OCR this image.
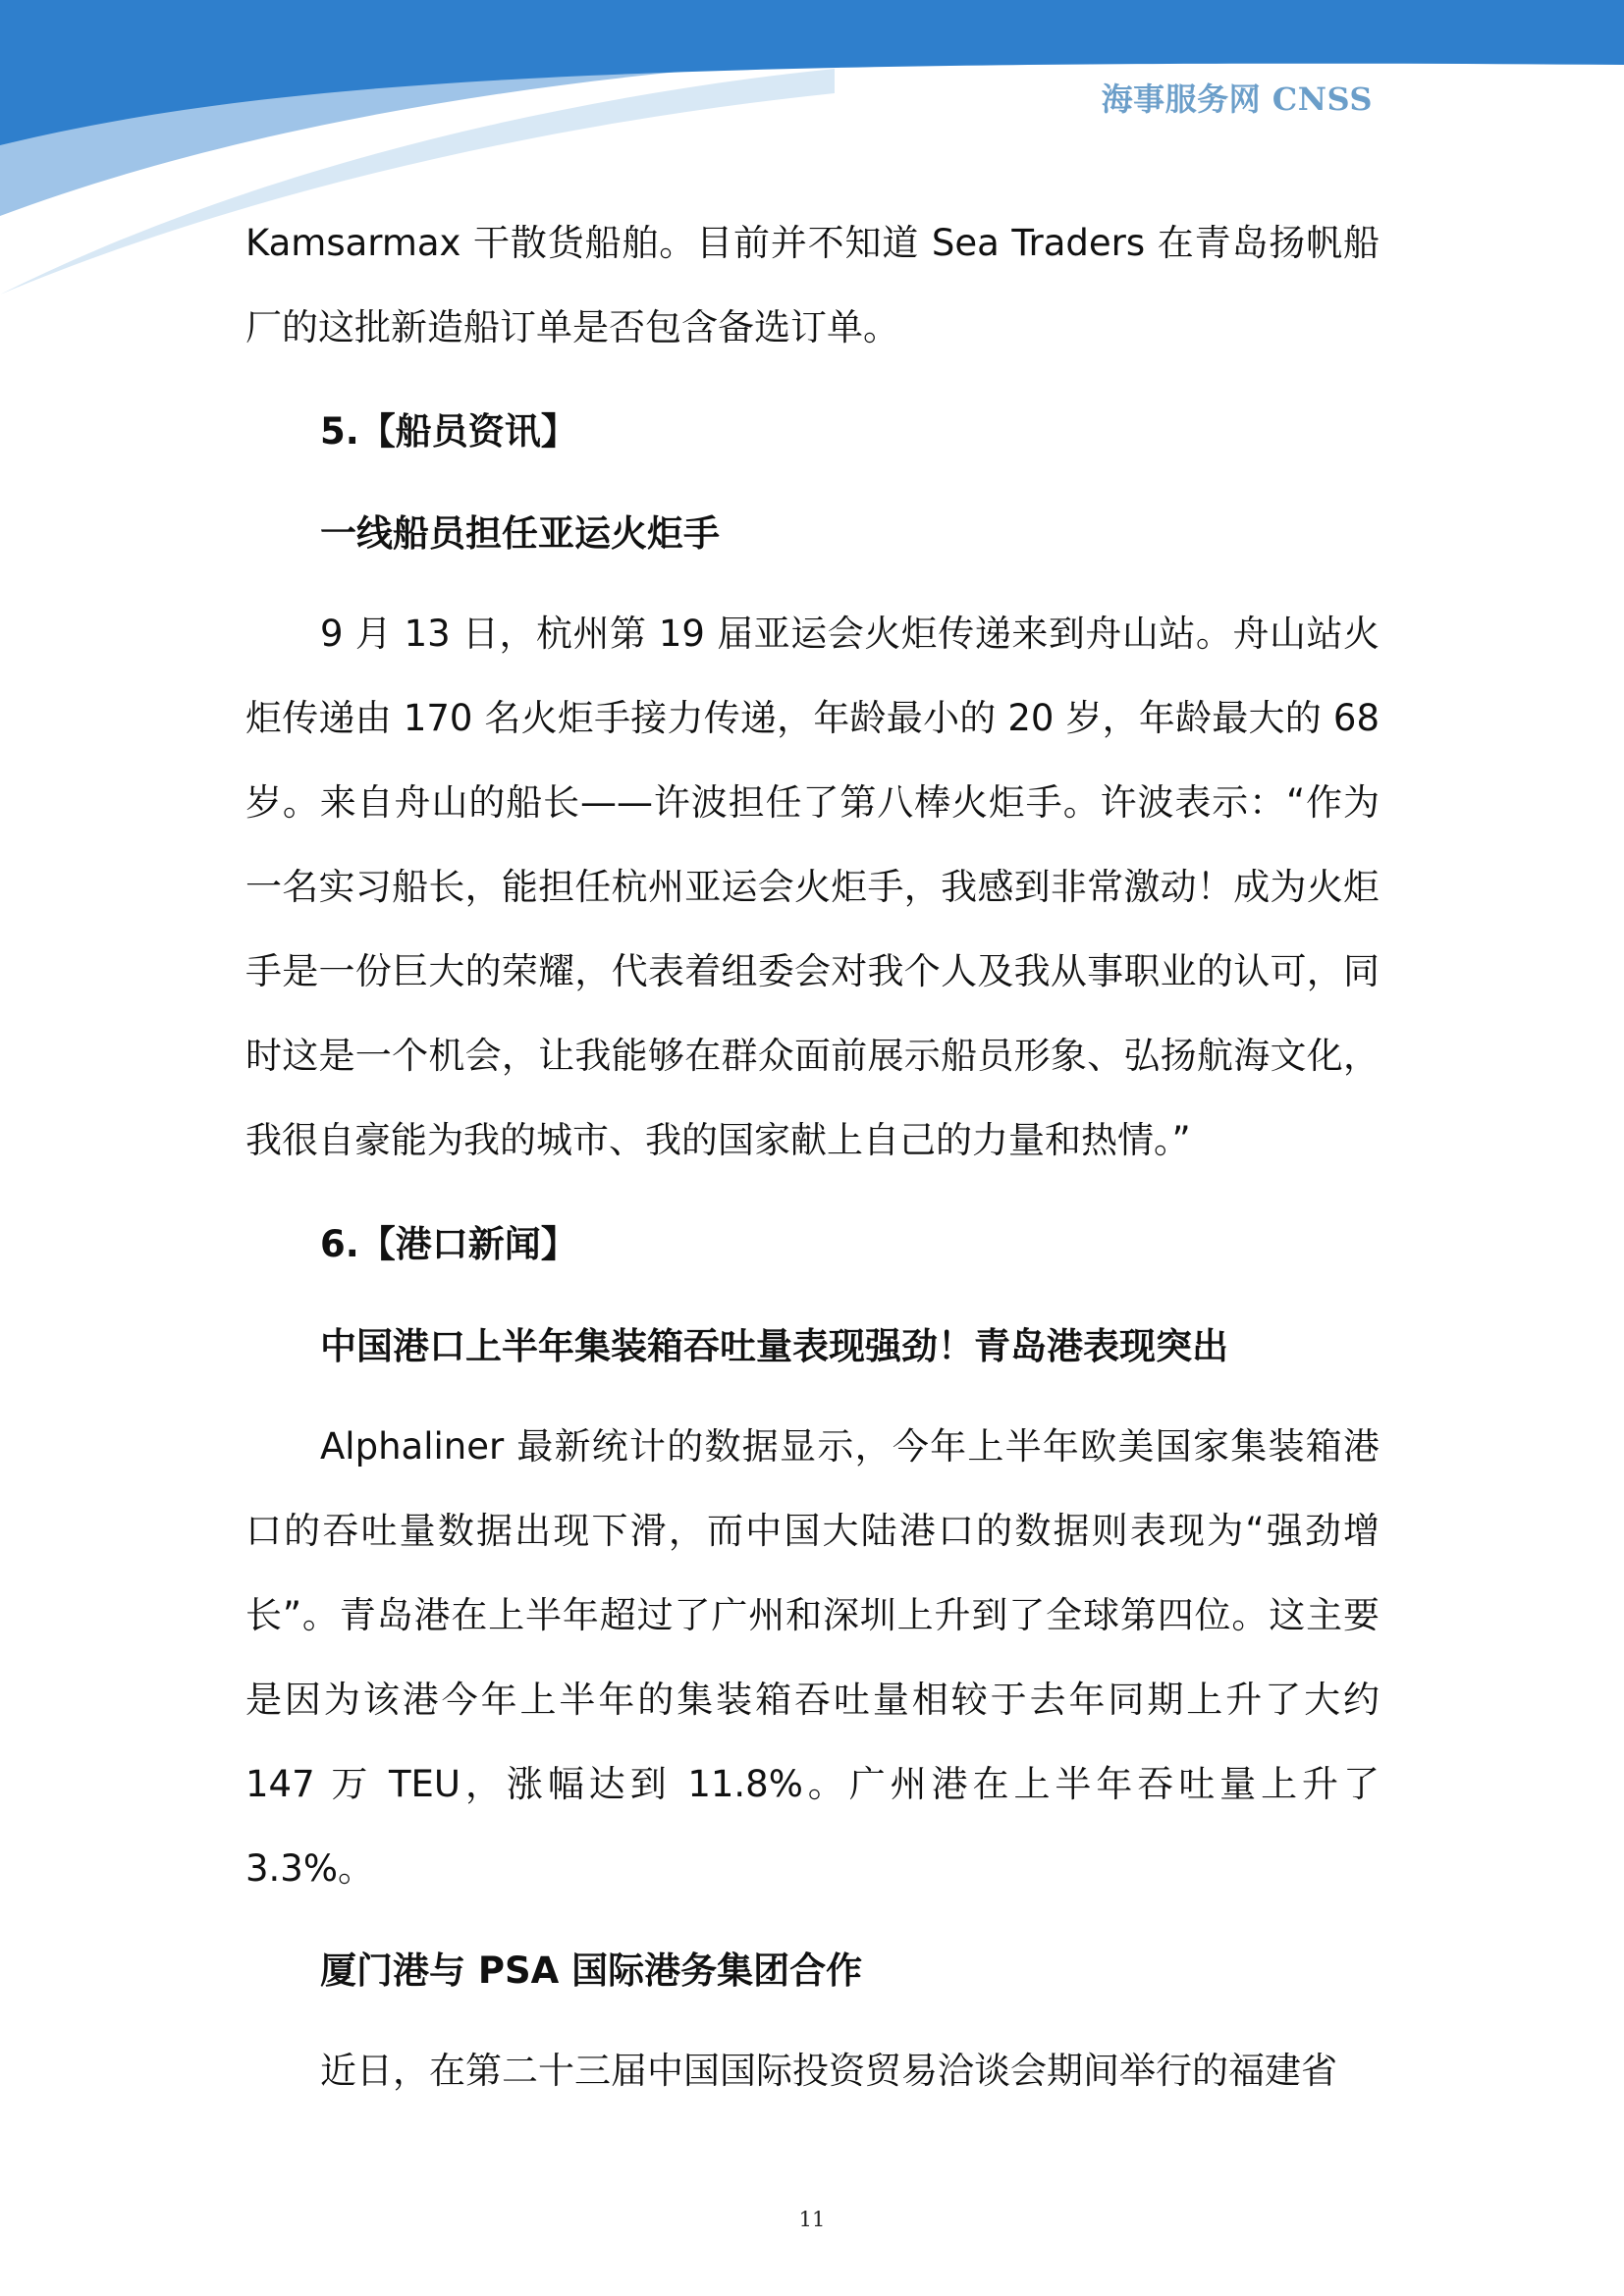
海事服务网 CNSS

Kamsarmax 干散货船舶。目前并不知道 Sea Traders 在青岛扬帆船厂的这批新造船订单是否包含备选订单。

5.【船员资讯】
一线船员担任亚运火炬手

9 月 13 日，杭州第 19 届亚运会火炬传递来到舟山站。舟山站火炬传递由 170 名火炬手接力传递，年龄最小的 20 岁，年龄最大的 68 岁。来自舟山的船长——许波担任了第八棒火炬手。许波表示：“作为一名实习船长，能担任杭州亚运会火炬手，我感到非常激动！成为火炬手是一份巨大的荣耀，代表着组委会对我个人及我从事职业的认可，同时这是一个机会，让我能够在群众面前展示船员形象、弘扬航海文化，我很自豪能为我的城市、我的国家献上自己的力量和热情。”

6.【港口新闻】
中国港口上半年集装箱吞吐量表现强劲！青岛港表现突出

Alphaliner 最新统计的数据显示，今年上半年欧美国家集装箱港口的吞吐量数据出现下滑，而中国大陆港口的数据则表现为“强劲增长”。青岛港在上半年超过了广州和深圳上升到了全球第四位。这主要是因为该港今年上半年的集装箱吞吐量相较于去年同期上升了大约 147 万 TEU，涨幅达到 11.8%。广州港在上半年吞吐量上升了 3.3%。

厦门港与 PSA 国际港务集团合作

近日，在第二十三届中国国际投资贸易洽谈会期间举行的福建省

11
